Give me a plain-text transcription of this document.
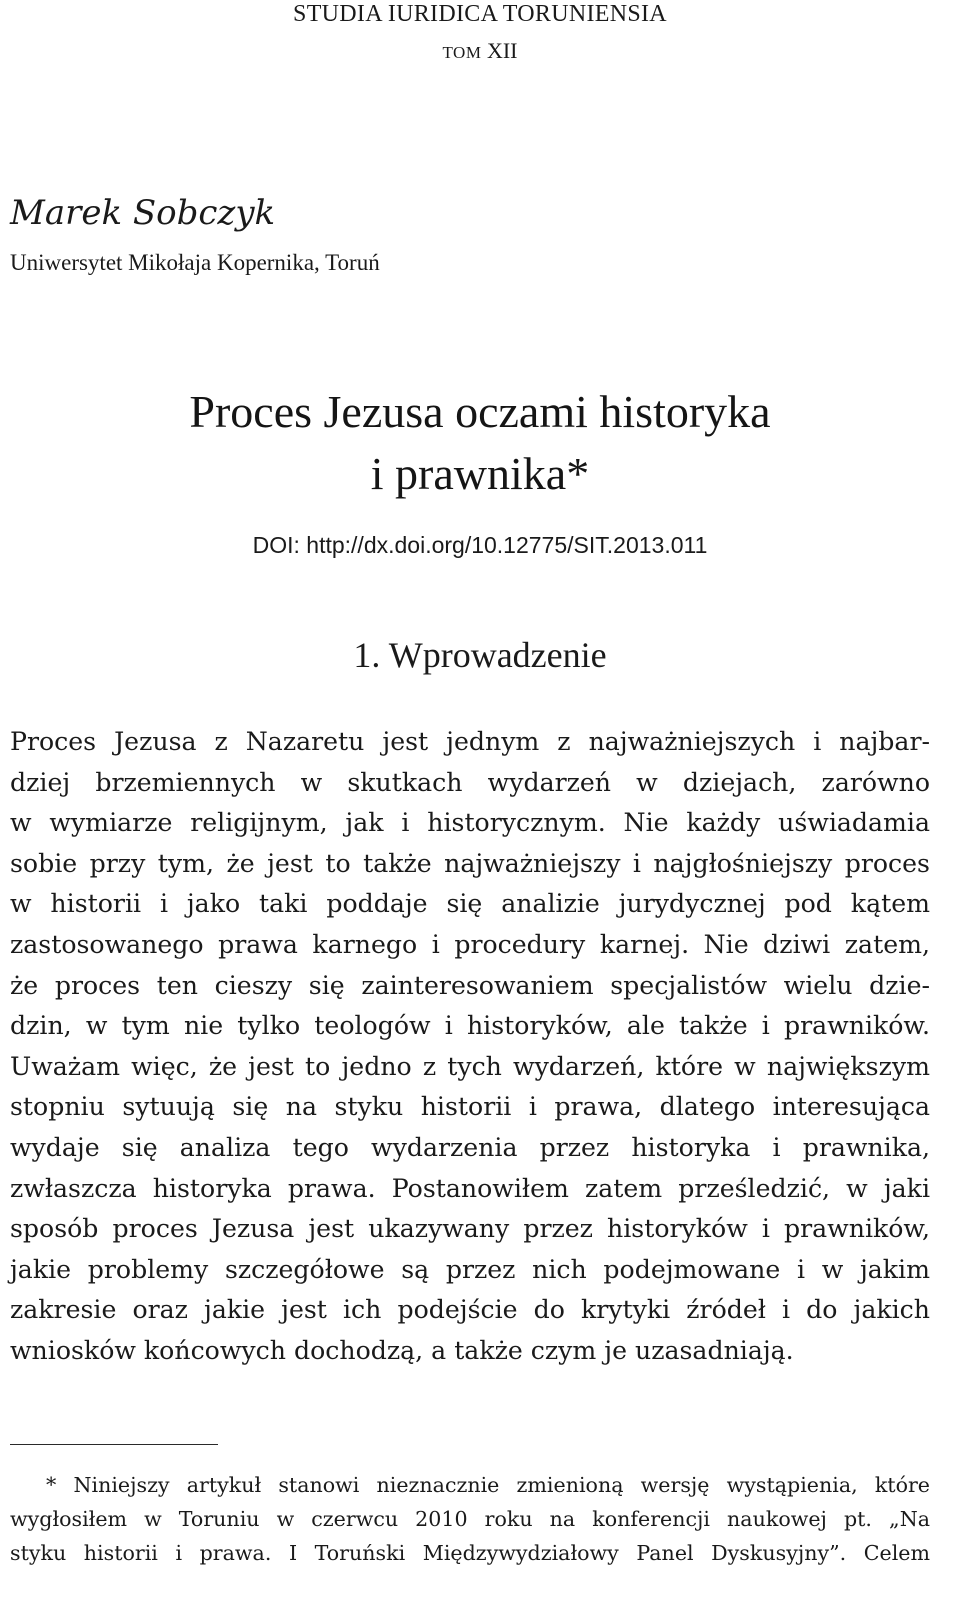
STUDIA IURIDICA TORUNIENSIA
TOM XII
Marek Sobczyk
Uniwersytet Mikołaja Kopernika, Toruń
Proces Jezusa oczami historyka
i prawnika*
DOI: http://dx.doi.org/10.12775/SIT.2013.011
1. Wprowadzenie
Proces Jezusa z Nazaretu jest jednym z najważniejszych i najbar-
dziej brzemiennych w skutkach wydarzeń w dziejach, zarówno
w wymiarze religijnym, jak i historycznym. Nie każdy uświadamia
sobie przy tym, że jest to także najważniejszy i najgłośniejszy proces
w historii i jako taki poddaje się analizie jurydycznej pod kątem
zastosowanego prawa karnego i procedury karnej. Nie dziwi zatem,
że proces ten cieszy się zainteresowaniem specjalistów wielu dzie-
dzin, w tym nie tylko teologów i historyków, ale także i prawników.
Uważam więc, że jest to jedno z tych wydarzeń, które w największym
stopniu sytuują się na styku historii i prawa, dlatego interesująca
wydaje się analiza tego wydarzenia przez historyka i prawnika,
zwłaszcza historyka prawa. Postanowiłem zatem prześledzić, w jaki
sposób proces Jezusa jest ukazywany przez historyków i prawników,
jakie problemy szczegółowe są przez nich podejmowane i w jakim
zakresie oraz jakie jest ich podejście do krytyki źródeł i do jakich
wniosków końcowych dochodzą, a także czym je uzasadniają.
* Niniejszy artykuł stanowi nieznacznie zmienioną wersję wystąpienia, które
wygłosiłem w Toruniu w czerwcu 2010 roku na konferencji naukowej pt. „Na
styku historii i prawa. I Toruński Międzywydziałowy Panel Dyskusyjny”. Celem
